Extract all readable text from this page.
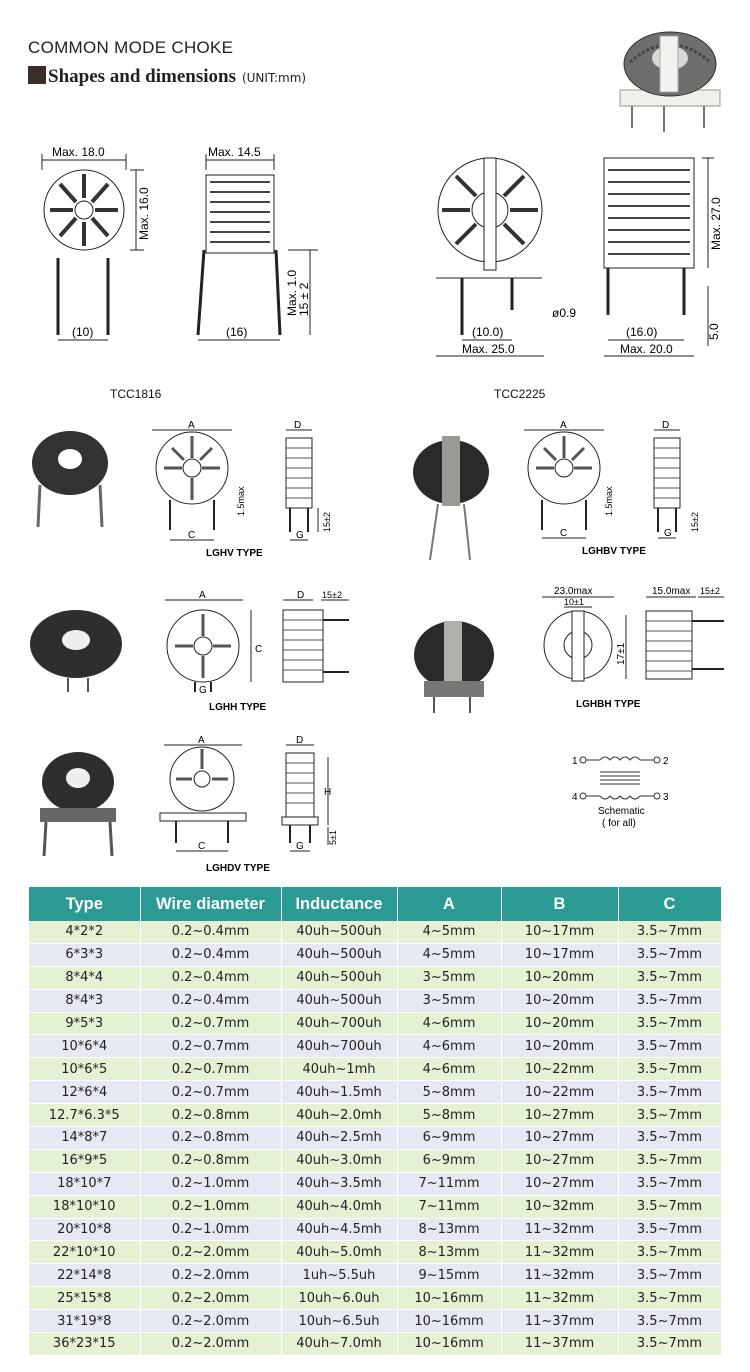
COMMON MODE CHOKE
Shapes and dimensions (UNIT:mm)
Max. 18.0
Max. 16.0
Max. 14.5
(10)	(16)
Max. 1.0
15 ± 2
Max. 27.0
ø0.9
(10.0)
Max. 25.0
(16.0)
Max. 20.0
5.0
TCC1816	TCC2225
A
C
1.5max
D
G
15±2
LGHV TYPE
A
C
1.5max
D
G
15±2
LGHBV TYPE
A
C
G
D 15±2
LGHH TYPE
23.0max
10±1
17±1
15.0max 15±2
LGHBH TYPE
A
C
D
G
H
5±1
LGHDV TYPE
1	2
3
4
Schematic
( for all)
Type	Wire diameter	Inductance	A	B	C
4*2*2	0.2~0.4mm	40uh~500uh	4~5mm	10~17mm	3.5~7mm
6*3*3	0.2~0.4mm	40uh~500uh	4~5mm	10~17mm	3.5~7mm
8*4*4	0.2~0.4mm	40uh~500uh	3~5mm	10~20mm	3.5~7mm
8*4*3	0.2~0.4mm	40uh~500uh	3~5mm	10~20mm	3.5~7mm
9*5*3	0.2~0.7mm	40uh~700uh	4~6mm	10~20mm	3.5~7mm
10*6*4	0.2~0.7mm	40uh~700uh	4~6mm	10~20mm	3.5~7mm
10*6*5	0.2~0.7mm	40uh~1mh	4~6mm	10~22mm	3.5~7mm
12*6*4	0.2~0.7mm	40uh~1.5mh	5~8mm	10~22mm	3.5~7mm
12.7*6.3*5	0.2~0.8mm	40uh~2.0mh	5~8mm	10~27mm	3.5~7mm
14*8*7	0.2~0.8mm	40uh~2.5mh	6~9mm	10~27mm	3.5~7mm
16*9*5	0.2~0.8mm	40uh~3.0mh	6~9mm	10~27mm	3.5~7mm
18*10*7	0.2~1.0mm	40uh~3.5mh	7~11mm	10~27mm	3.5~7mm
18*10*10	0.2~1.0mm	40uh~4.0mh	7~11mm	10~32mm	3.5~7mm
20*10*8	0.2~1.0mm	40uh~4.5mh	8~13mm	11~32mm	3.5~7mm
22*10*10	0.2~2.0mm	40uh~5.0mh	8~13mm	11~32mm	3.5~7mm
22*14*8	0.2~2.0mm	1uh~5.5uh	9~15mm	11~32mm	3.5~7mm
25*15*8	0.2~2.0mm	10uh~6.0uh	10~16mm	11~32mm	3.5~7mm
31*19*8	0.2~2.0mm	10uh~6.5uh	10~16mm	11~37mm	3.5~7mm
36*23*15	0.2~2.0mm	40uh~7.0mh	10~16mm	11~37mm	3.5~7mm
